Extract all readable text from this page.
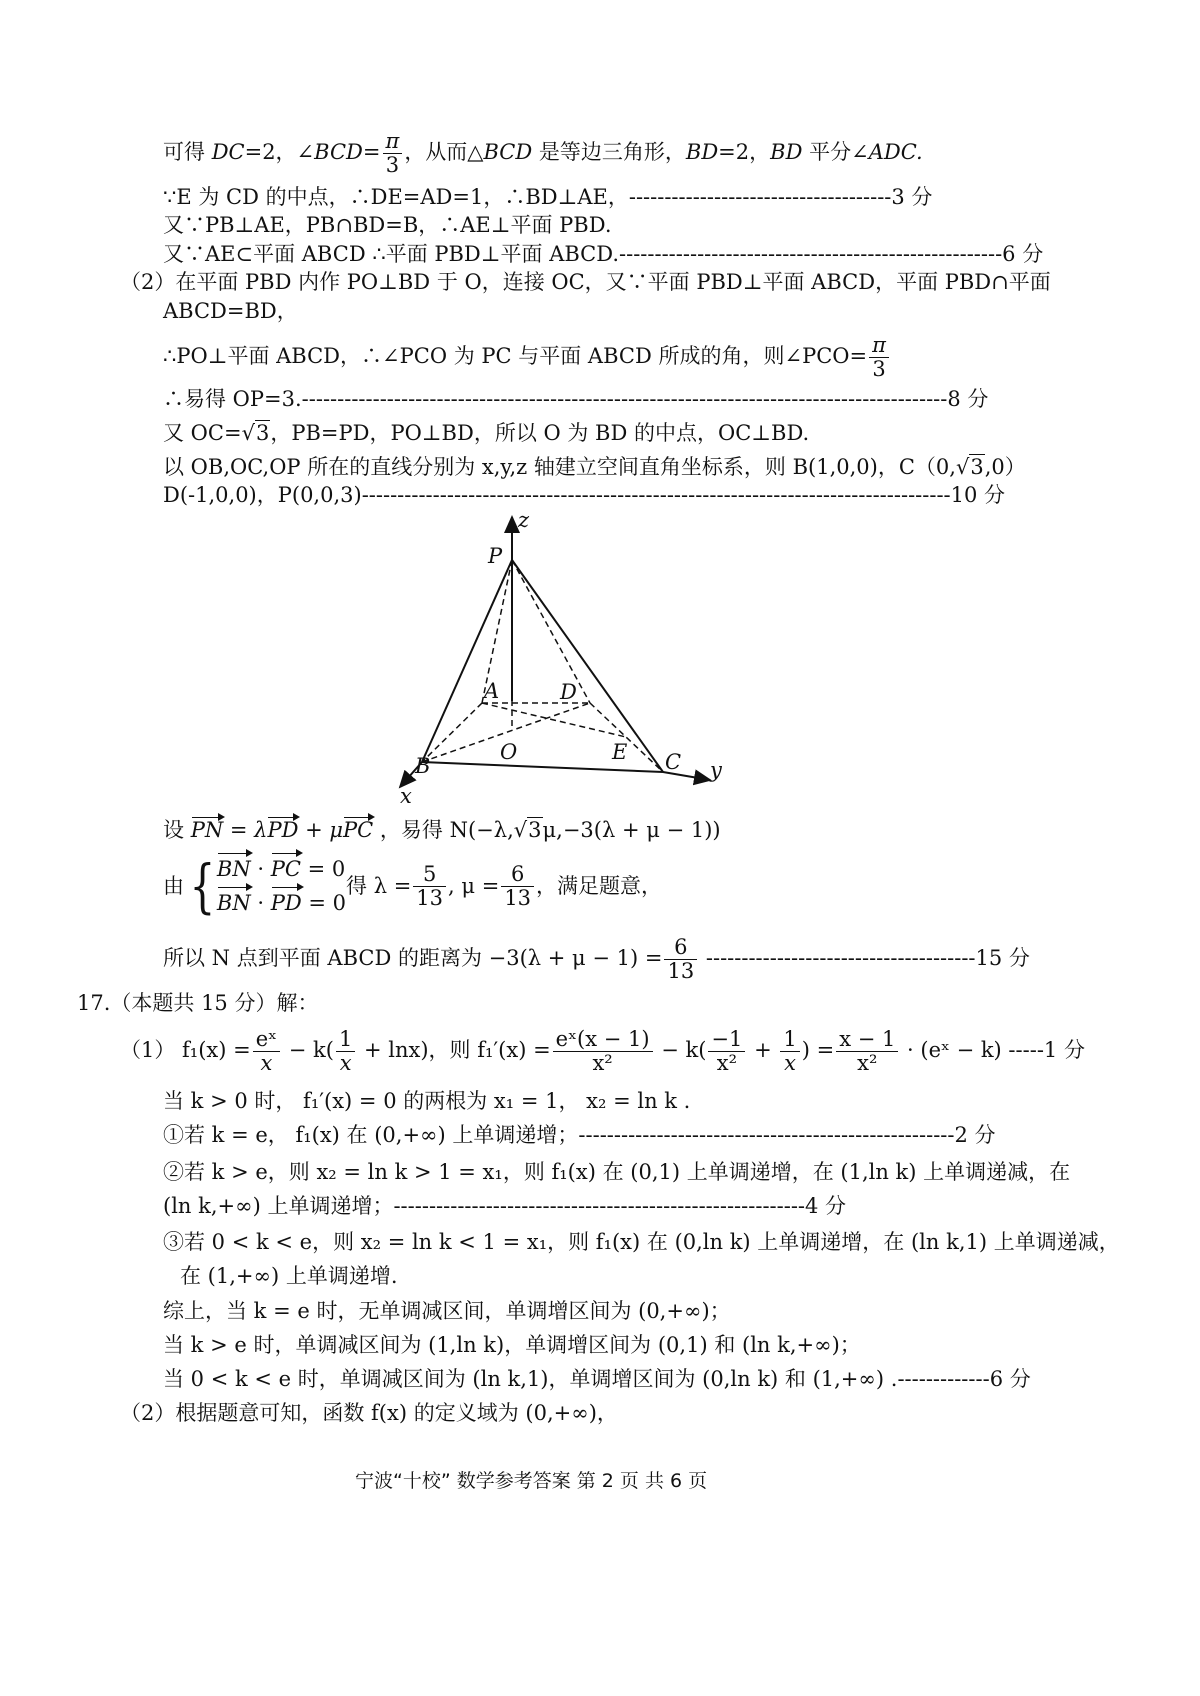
可得 DC=2，∠BCD= $\frac{\pi}{3}$ ，从而△BCD 是等边三角形，BD=2，BD 平分∠ADC.
∵E 为 CD 的中点，∴DE=AD=1，∴BD⊥AE，-------------------------------------3 分
又∵PB⊥AE，PB∩BD=B，∴AE⊥平面 PBD.
又∵AE⊂平面 ABCD ∴平面 PBD⊥平面 ABCD.------------------------------------------------------6 分
（2）在平面 PBD 内作 PO⊥BD 于 O，连接 OC，又∵平面 PBD⊥平面 ABCD，平面 PBD∩平面
ABCD=BD，
∴PO⊥平面 ABCD，∴∠PCO 为 PC 与平面 ABCD 所成的角，则∠PCO= $\frac{\pi}{3}$
∴易得 OP=3.-------------------------------------------------------------------------------------------8 分
又 OC=√3，PB=PD，PO⊥BD，所以 O 为 BD 的中点，OC⊥BD.
以 OB,OC,OP 所在的直线分别为 x,y,z 轴建立空间直角坐标系，则 B(1,0,0)，C（0,√3,0）
D(-1,0,0)，P(0,0,3)-----------------------------------------------------------------------------------10 分
z
P
A	D
O	E
B	C
x
y
设 PN = λPD + μPC ，易得 N(−λ,√3μ,−3(λ + μ − 1))
由{ BN · PC = 0
BN · PD = 0
得 $\lambda = \frac{5}{13}$ , $\mu = \frac{6}{13}$ ，满足题意，
所以 N 点到平面 ABCD 的距离为 $-3(\lambda + \mu - 1) = \frac{6}{13} --------------------------------------15$ 分
17.（本题共 15 分）解：
（1） $f_1(x) = \frac{\text{eˣ}}{x} - k( \frac{1}{x} + \ln x)$，则 $f_1'(x) = \frac{\text{eˣ(x − 1)}}{\text{x²}} - k( \frac{-1}{\text{x²}} + \frac{1}{x}$ ) = $\frac{x - 1}{\text{x²}}$ · (eˣ − k) -----1 分
当 k > 0 时， f₁′(x) = 0 的两根为 x₁ = 1， x₂ = ln k .
①若 k = e， f₁(x) 在 (0,+∞) 上单调递增；-----------------------------------------------------2 分
②若 k > e，则 x₂ = ln k > 1 = x₁，则 f₁(x) 在 (0,1) 上单调递增，在 (1,ln k) 上单调递减，在
(ln k,+∞) 上单调递增；----------------------------------------------------------4 分
③若 0 < k < e，则 x₂ = ln k < 1 = x₁，则 f₁(x) 在 (0,ln k) 上单调递增，在 (ln k,1) 上单调递减，
在 (1,+∞) 上单调递增.
综上，当 k = e 时，无单调减区间，单调增区间为 (0,+∞)；
当 k > e 时，单调减区间为 (1,ln k)，单调增区间为 (0,1) 和 (ln k,+∞)；
当 0 < k < e 时，单调减区间为 (ln k,1)，单调增区间为 (0,ln k) 和 (1,+∞) .-------------6 分
（2）根据题意可知，函数 f(x) 的定义域为 (0,+∞)，
宁波“十校” 数学参考答案 第 2 页 共 6 页
